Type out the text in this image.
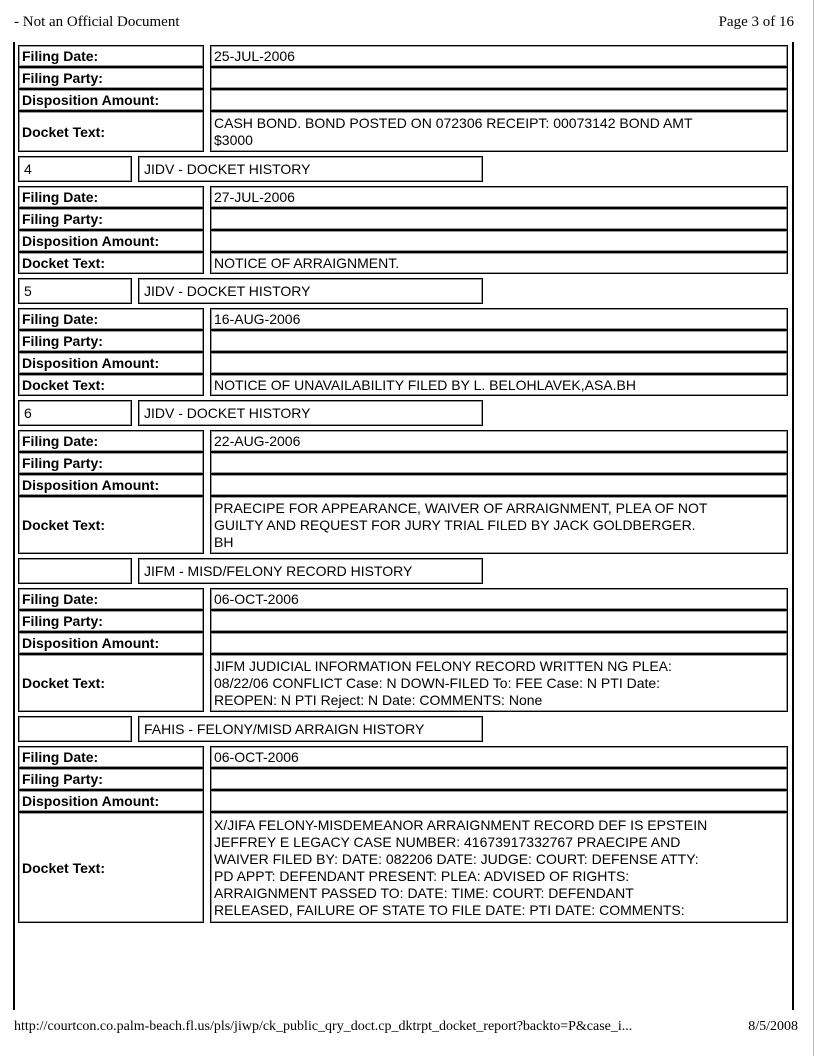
- Not an Official Document	Page 3 of 16
Filing Date:	25-JUL-2006
Filing Party:
Disposition Amount:
Docket Text:
CASH BOND. BOND POSTED ON 072306 RECEIPT: 00073142 BOND AMT
$3000
4	JIDV - DOCKET HISTORY
Filing Date:	27-JUL-2006
Filing Party:
Disposition Amount:
Docket Text:	NOTICE OF ARRAIGNMENT.
5	JIDV - DOCKET HISTORY
Filing Date:	16-AUG-2006
Filing Party:
Disposition Amount:
Docket Text:	NOTICE OF UNAVAILABILITY FILED BY L. BELOHLAVEK,ASA.BH
6	JIDV - DOCKET HISTORY
Filing Date:	22-AUG-2006
Filing Party:
Disposition Amount:
Docket Text:
PRAECIPE FOR APPEARANCE, WAIVER OF ARRAIGNMENT, PLEA OF NOT
GUILTY AND REQUEST FOR JURY TRIAL FILED BY JACK GOLDBERGER.
BH
JIFM - MISD/FELONY RECORD HISTORY
Filing Date:	06-OCT-2006
Filing Party:
Disposition Amount:
Docket Text:
JIFM JUDICIAL INFORMATION FELONY RECORD WRITTEN NG PLEA:
08/22/06 CONFLICT Case: N DOWN-FILED To: FEE Case: N PTI Date:
REOPEN: N PTI Reject: N Date: COMMENTS: None
FAHIS - FELONY/MISD ARRAIGN HISTORY
Filing Date:	06-OCT-2006
Filing Party:
Disposition Amount:
Docket Text:
X/JIFA FELONY-MISDEMEANOR ARRAIGNMENT RECORD DEF IS EPSTEIN
JEFFREY E LEGACY CASE NUMBER: 41673917332767 PRAECIPE AND
WAIVER FILED BY: DATE: 082206 DATE: JUDGE: COURT: DEFENSE ATTY:
PD APPT: DEFENDANT PRESENT: PLEA: ADVISED OF RIGHTS:
ARRAIGNMENT PASSED TO: DATE: TIME: COURT: DEFENDANT
RELEASED, FAILURE OF STATE TO FILE DATE: PTI DATE: COMMENTS:
http://courtcon.co.palm-beach.fl.us/pls/jiwp/ck_public_qry_doct.cp_dktrpt_docket_report?backto=P&case_i...	8/5/2008
